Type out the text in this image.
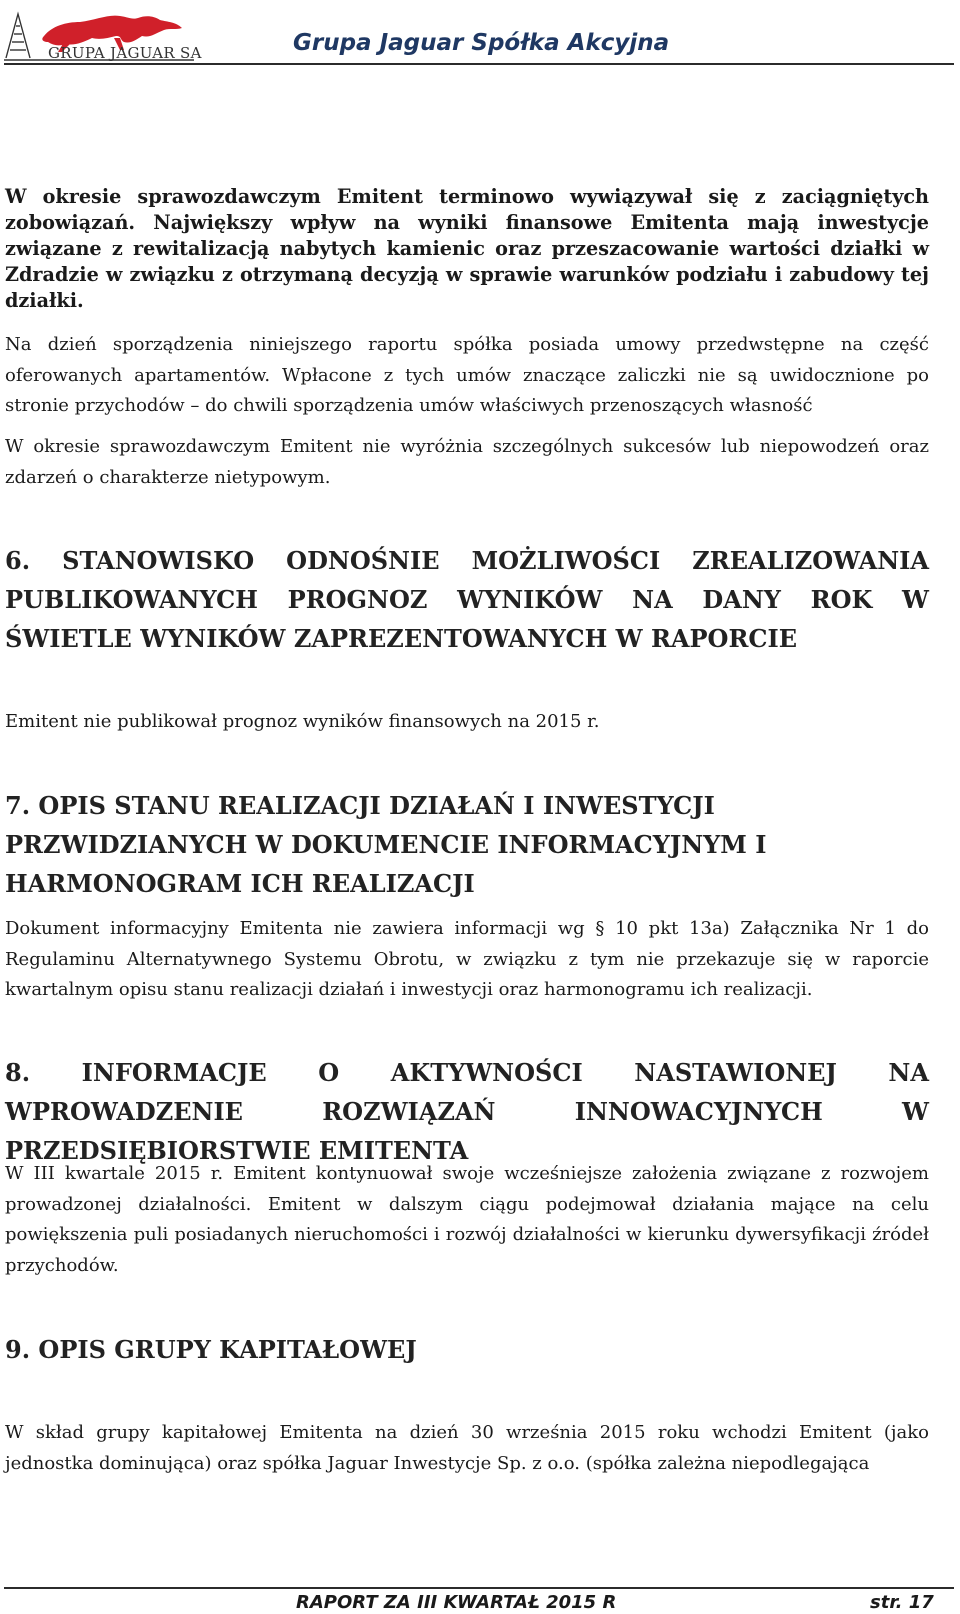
GRUPA JAGUAR SA	Grupa Jaguar Spółka Akcyjna

W okresie sprawozdawczym Emitent terminowo wywiązywał się z zaciągniętych zobowiązań. Największy wpływ na wyniki finansowe Emitenta mają inwestycje związane z rewitalizacją nabytych kamienic oraz przeszacowanie wartości działki w Zdradzie w związku z otrzymaną decyzją w sprawie warunków podziału i zabudowy tej działki.

Na dzień sporządzenia niniejszego raportu spółka posiada umowy przedwstępne na część oferowanych apartamentów. Wpłacone z tych umów znaczące zaliczki nie są uwidocznione po stronie przychodów – do chwili sporządzenia umów właściwych przenoszących własność

W okresie sprawozdawczym Emitent nie wyróżnia szczególnych sukcesów lub niepowodzeń oraz zdarzeń o charakterze nietypowym.

6. STANOWISKO ODNOŚNIE MOŻLIWOŚCI ZREALIZOWANIA PUBLIKOWANYCH PROGNOZ WYNIKÓW NA DANY ROK W ŚWIETLE WYNIKÓW ZAPREZENTOWANYCH W RAPORCIE

Emitent nie publikował prognoz wyników finansowych na 2015 r.

7. OPIS STANU REALIZACJI DZIAŁAŃ I INWESTYCJI PRZWIDZIANYCH W DOKUMENCIE INFORMACYJNYM I HARMONOGRAM ICH REALIZACJI

Dokument informacyjny Emitenta nie zawiera informacji wg § 10 pkt 13a) Załącznika Nr 1 do Regulaminu Alternatywnego Systemu Obrotu, w związku z tym nie przekazuje się w raporcie kwartalnym opisu stanu realizacji działań i inwestycji oraz harmonogramu ich realizacji.

8. INFORMACJE O AKTYWNOŚCI NASTAWIONEJ NA WPROWADZENIE ROZWIĄZAŃ INNOWACYJNYCH W PRZEDSIĘBIORSTWIE EMITENTA

W III kwartale 2015 r. Emitent kontynuował swoje wcześniejsze założenia związane z rozwojem prowadzonej działalności. Emitent w dalszym ciągu podejmował działania mające na celu powiększenia puli posiadanych nieruchomości i rozwój działalności w kierunku dywersyfikacji źródeł przychodów.

9. OPIS GRUPY KAPITAŁOWEJ

W skład grupy kapitałowej Emitenta na dzień 30 września 2015 roku wchodzi Emitent (jako jednostka dominująca) oraz spółka Jaguar Inwestycje Sp. z o.o. (spółka zależna niepodlegająca

RAPORT ZA III KWARTAŁ 2015 R	str. 17
